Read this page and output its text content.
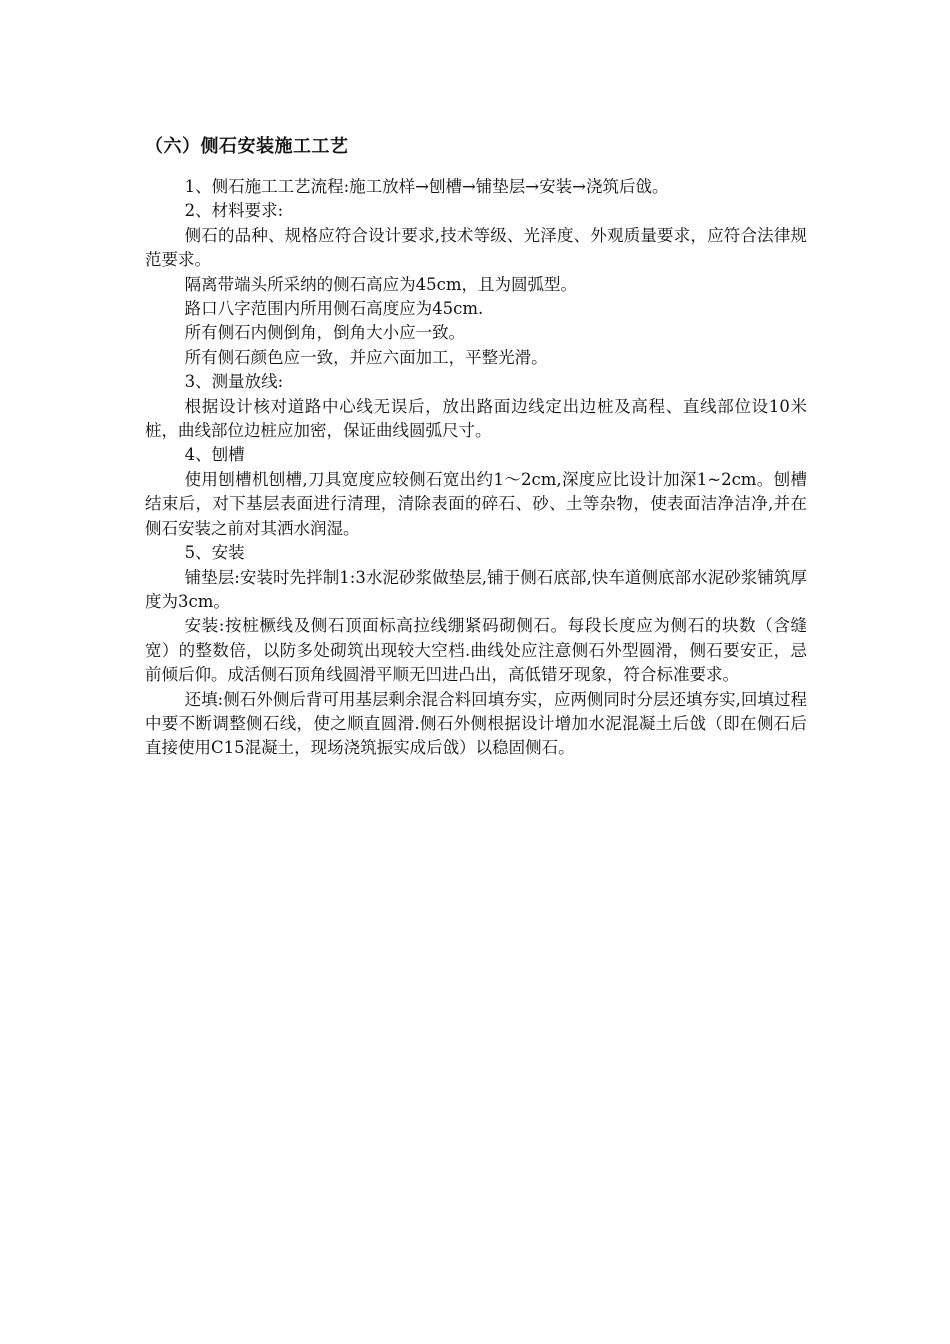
（六）侧石安装施工工艺

1、侧石施工工艺流程:施工放样→刨槽→铺垫层→安装→浇筑后戗。

2、材料要求:

侧石的品种、规格应符合设计要求,技术等级、光泽度、外观质量要求，应符合法律规范要求。

隔离带端头所采纳的侧石高应为45cm，且为圆弧型。

路口八字范围内所用侧石高度应为45cm.

所有侧石内侧倒角，倒角大小应一致。

所有侧石颜色应一致，并应六面加工，平整光滑。

3、测量放线:

根据设计核对道路中心线无误后，放出路面边线定出边桩及高程、直线部位设10米桩，曲线部位边桩应加密，保证曲线圆弧尺寸。

4、刨槽

使用刨槽机刨槽,刀具宽度应较侧石宽出约1～2cm,深度应比设计加深1~2cm。刨槽结束后，对下基层表面进行清理，清除表面的碎石、砂、土等杂物，使表面洁净洁净,并在侧石安装之前对其洒水润湿。

5、安装

铺垫层:安装时先拌制1:3水泥砂浆做垫层,铺于侧石底部,快车道侧底部水泥砂浆铺筑厚度为3cm。

安装:按桩橛线及侧石顶面标高拉线绷紧码砌侧石。每段长度应为侧石的块数（含缝宽）的整数倍，以防多处砌筑出现较大空档.曲线处应注意侧石外型圆滑，侧石要安正，忌前倾后仰。成活侧石顶角线圆滑平顺无凹进凸出，高低错牙现象，符合标准要求。

还填:侧石外侧后背可用基层剩余混合料回填夯实，应两侧同时分层还填夯实,回填过程中要不断调整侧石线，使之顺直圆滑.侧石外侧根据设计增加水泥混凝土后戗（即在侧石后直接使用C15混凝土，现场浇筑振实成后戗）以稳固侧石。
